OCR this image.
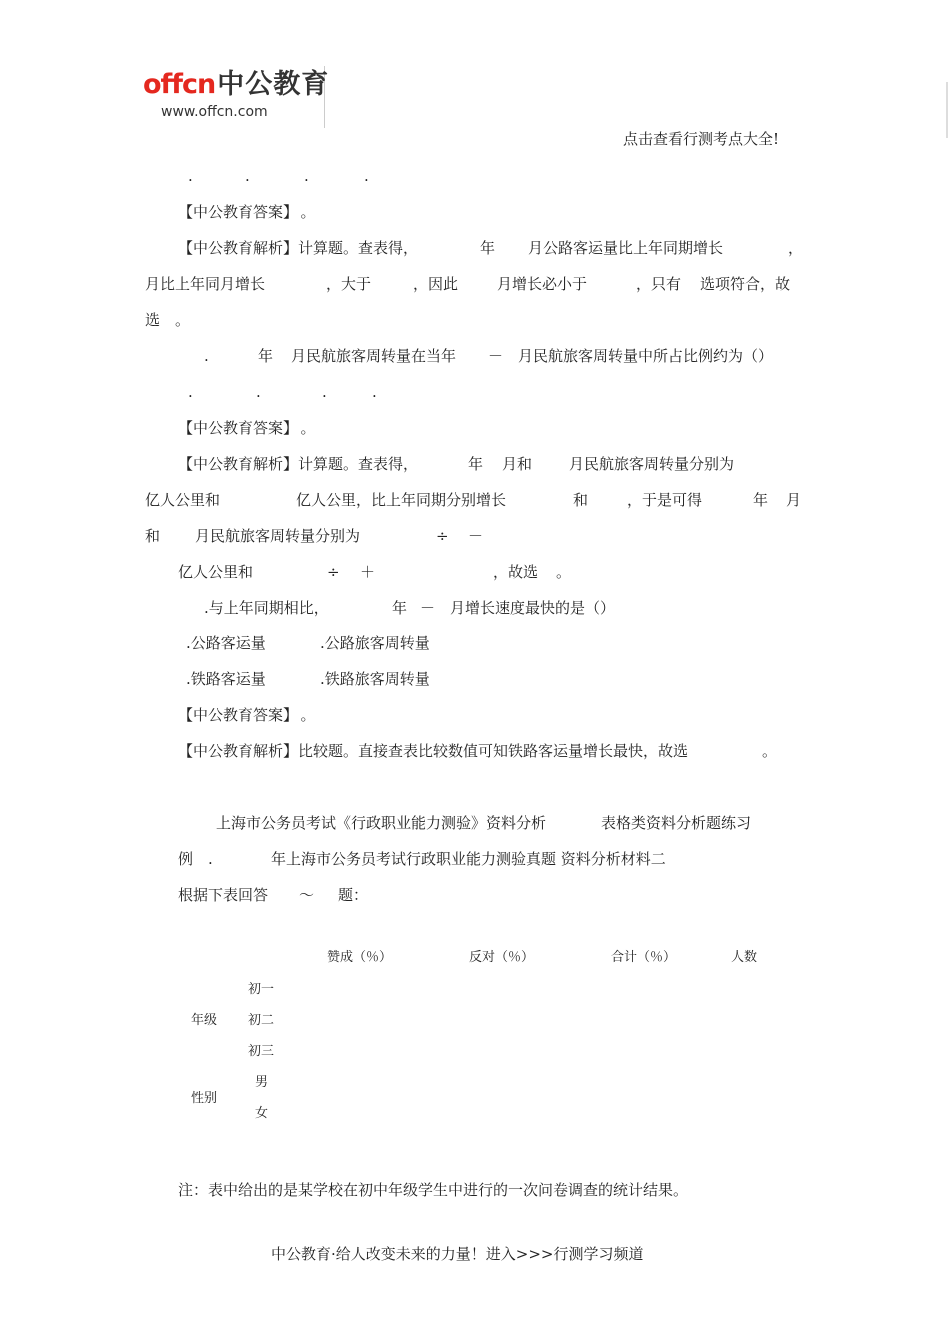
offcn中公教育
www.offcn.com
点击查看行测考点大全!
.	.	.	.
【中公教育答案】 。
【中公教育解析】计算题。查表得，	年 月公路客运量比上年同期增长	，
月比上年同月增长	，大于	，因此	月增长必小于	，只有 选项符合，故
选 。
.	年 月民航旅客周转量在当年 － 月民航旅客周转量中所占比例约为（）
.	.	.	.
【中公教育答案】 。
【中公教育解析】计算题。查表得，	年 月和 月民航旅客周转量分别为
亿人公里和	亿人公里，比上年同期分别增长	和	，于是可得	年 月
和 月民航旅客周转量分别为	÷ －
亿人公里和	÷ ＋	，故选 。
.与上年同期相比，	年 － 月增长速度最快的是（）
.公路客运量	.公路旅客周转量
.铁路客运量	.铁路旅客周转量
【中公教育答案】 。
【中公教育解析】比较题。直接查表比较数值可知铁路客运量增长最快，故选	。
上海市公务员考试《行政职业能力测验》资料分析	表格类资料分析题练习
例 .	年上海市公务员考试行政职业能力测验真题 资料分析材料二
根据下表回答 ～ 题：
赞成（％）	反对（％）	合计（％）	人数
年级
初一
初二
初三
性别
男
女
注：表中给出的是某学校在初中年级学生中进行的一次问卷调查的统计结果。
中公教育·给人改变未来的力量！进入>>>行测学习频道
